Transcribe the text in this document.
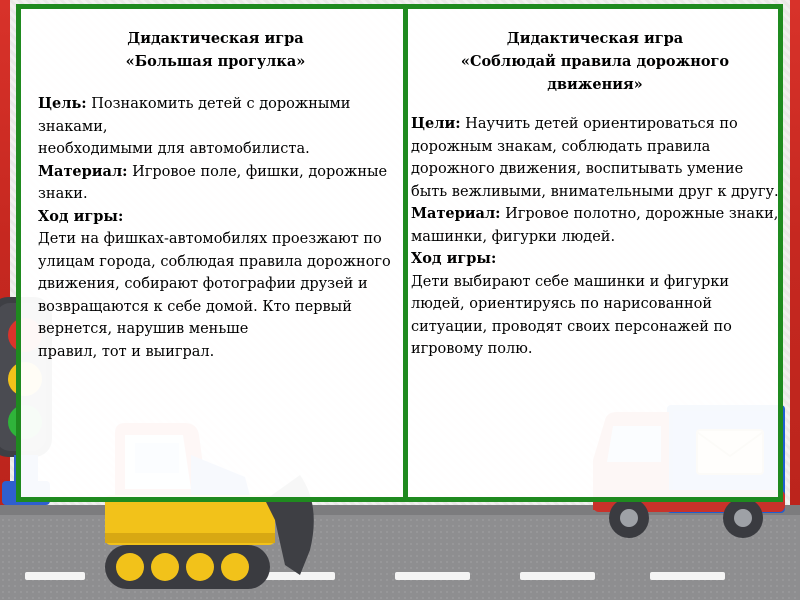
Дидактическая игра
«Большая прогулка»
Цель: Познакомить детей с дорожными знаками,
необходимыми для автомобилиста.
Материал: Игровое поле, фишки, дорожные знаки.
Ход игры:
Дети на фишках-автомобилях проезжают по улицам города, соблюдая правила дорожного движения, собирают фотографии друзей и возвращаются к себе домой. Кто первый вернется, нарушив меньше
правил, тот и выиграл.
Дидактическая игра
«Соблюдай правила дорожного
движения»
Цели: Научить детей ориентироваться по дорожным знакам, соблюдать правила дорожного движения, воспитывать умение быть вежливыми, внимательными друг к другу.
Материал: Игровое полотно, дорожные знаки, машинки, фигурки людей.
Ход игры:
Дети выбирают себе машинки и фигурки людей, ориентируясь по нарисованной ситуации, проводят своих персонажей по игровому полю.
